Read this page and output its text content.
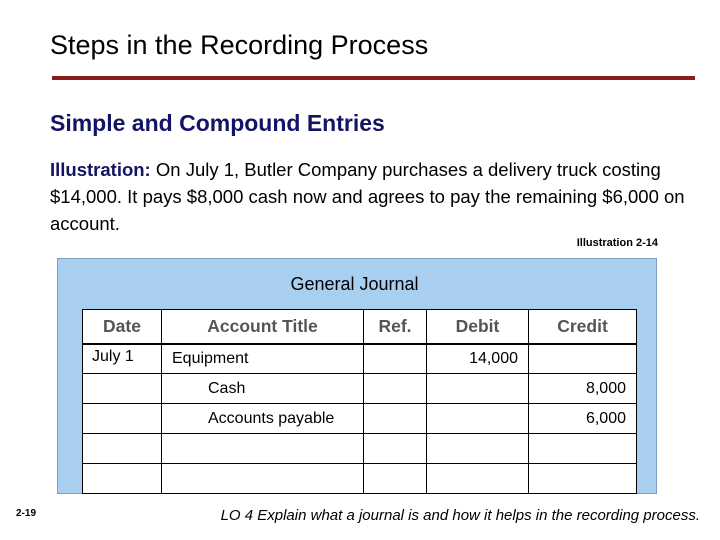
Steps in the Recording Process
Simple and Compound Entries
Illustration: On July 1, Butler Company purchases a delivery truck costing $14,000. It pays $8,000 cash now and agrees to pay the remaining $6,000 on account.
Illustration 2-14
General Journal
Date	Account Title	Ref.	Debit	Credit
July 1	Equipment		14,000	
	Cash			8,000
	Accounts payable			6,000

2-19	LO 4 Explain what a journal is and how it helps in the recording process.
